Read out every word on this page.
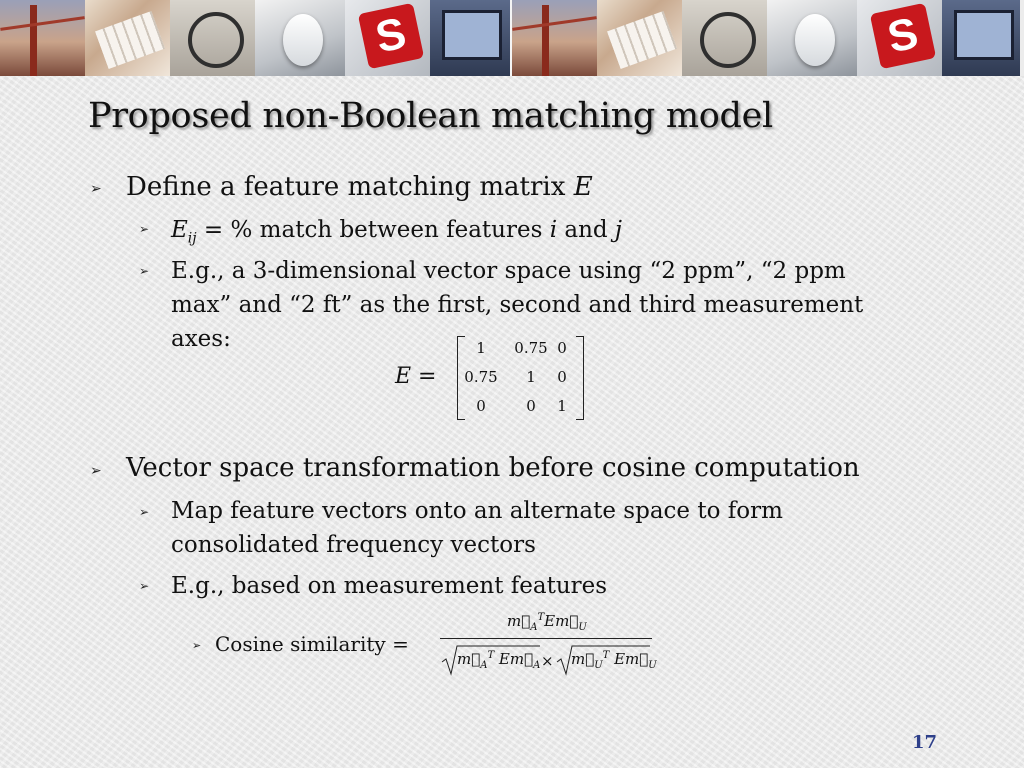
S
S
Proposed non-Boolean matching model
➢ Define a feature matching matrix E
➢ $E_{ij}$ = % match between features i and j
➢ E.g., a 3-dimensional vector space using “2 ppm”, “2 ppm
max” and “2 ft” as the first, second and third measurement
axes:
E =
1	0.75 0
0.75	1	0
0	0	1
➢ Vector space transformation before cosine computation
➢ Map feature vectors onto an alternate space to form
consolidated frequency vectors
➢ E.g., based on measurement features
➢ Cosine similarity =
$m⃗_A^TEm⃗_U$
$m⃗_A^T$ $Em⃗_A$ × $m⃗_U^T$ $Em⃗_U$
17
